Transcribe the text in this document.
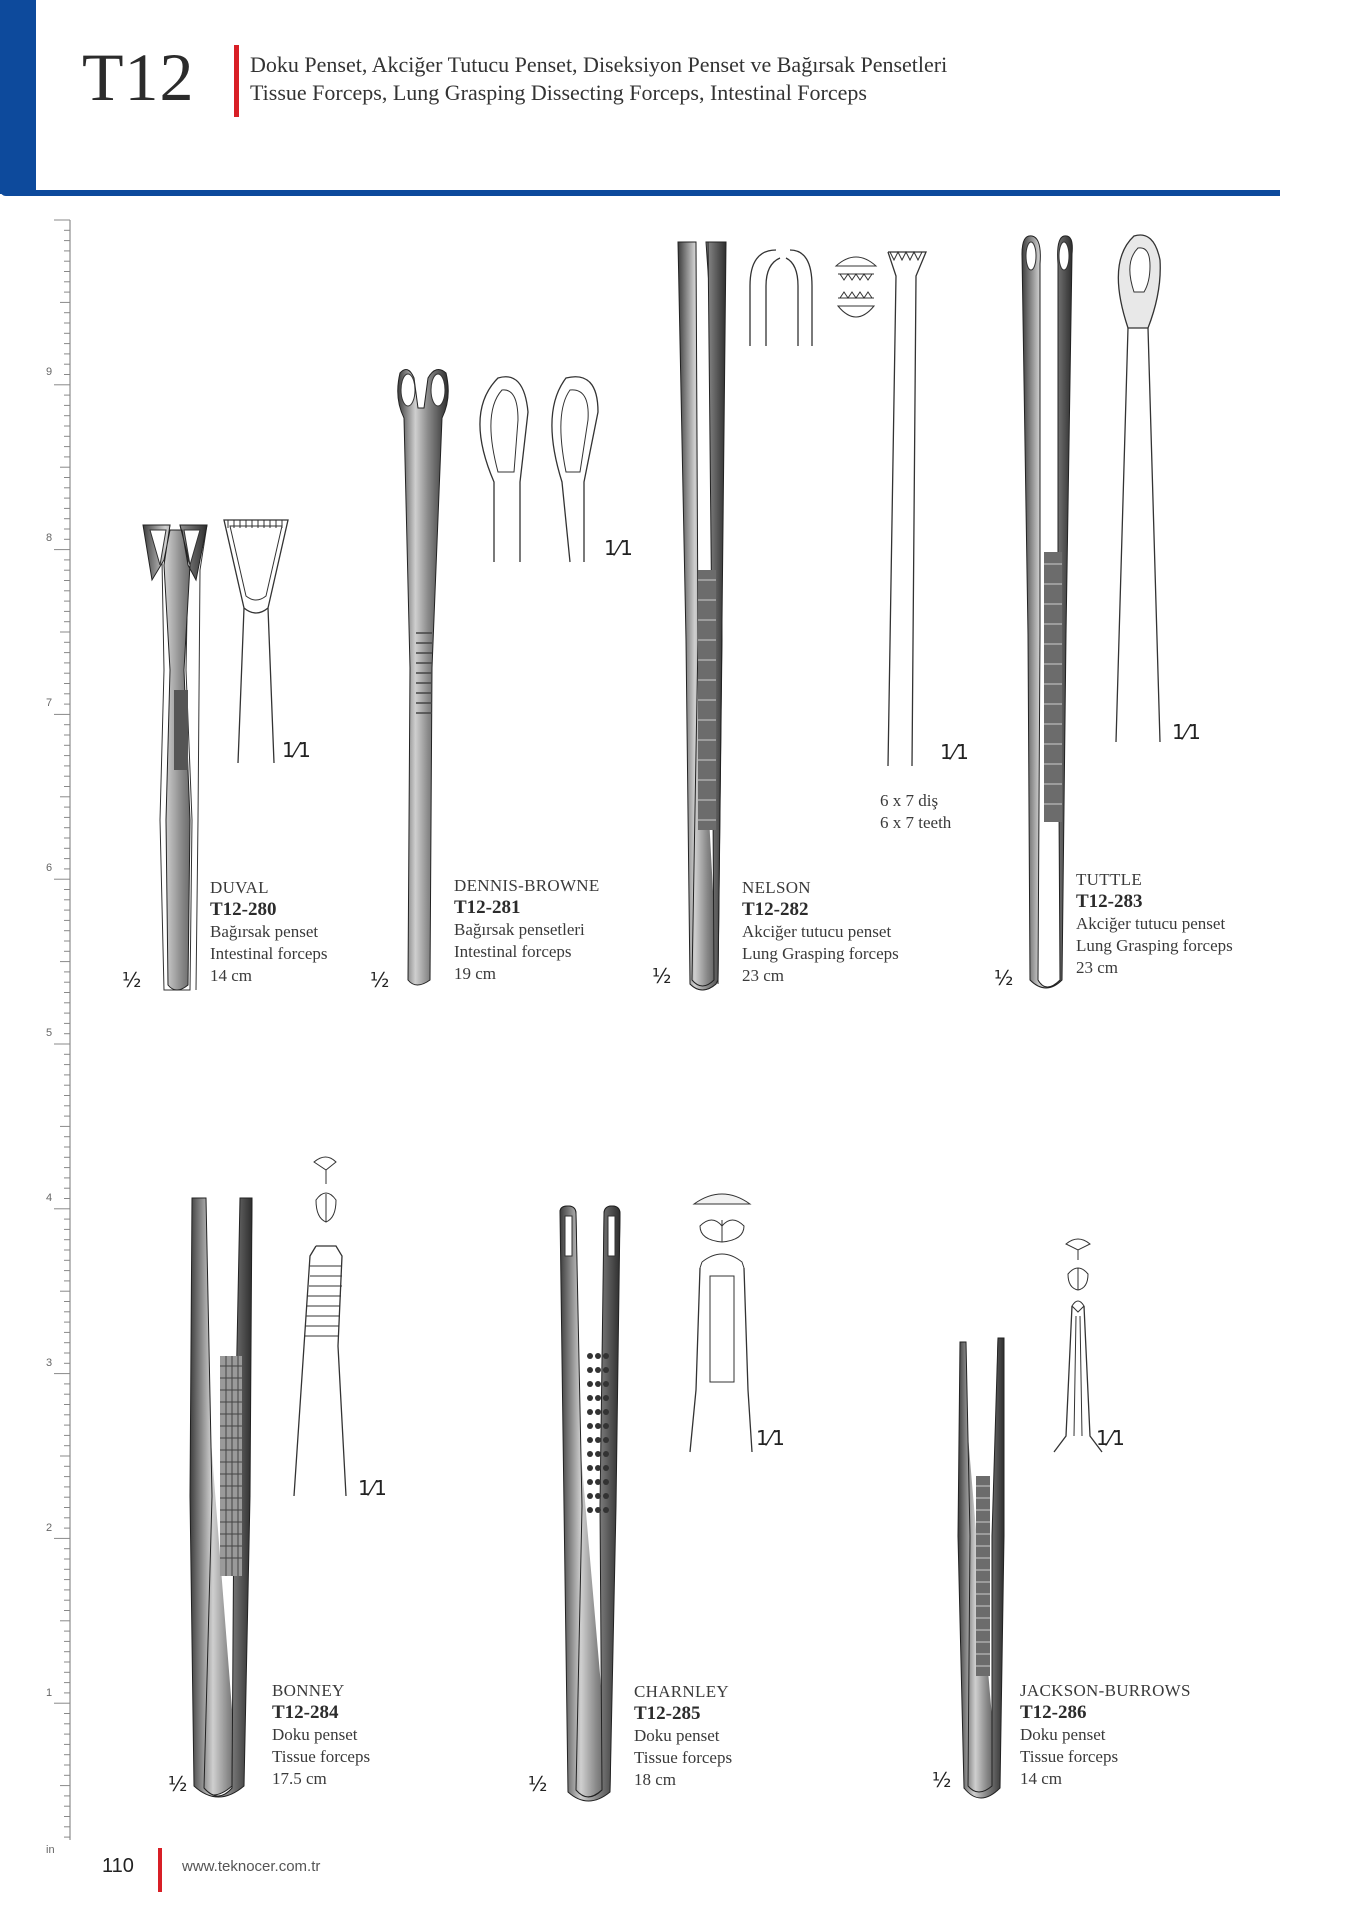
T12	Doku Penset, Akciğer Tutucu Penset, Diseksiyon Penset ve Bağırsak Pensetleri
Tissue Forceps, Lung Grasping Dissecting Forceps, Intestinal Forceps
9
8
7
6
5
4
3
2
1
in
1⁄1
½
DUVAL
T12-280
Bağırsak penset
Intestinal forceps
14 cm
1⁄1
½
DENNIS-BROWNE
T12-281
Bağırsak pensetleri
Intestinal forceps
19 cm
1⁄1
6 x 7 diş
6 x 7 teeth
½
NELSON
T12-282
Akciğer tutucu penset
Lung Grasping forceps
23 cm
1⁄1
½
TUTTLE
T12-283
Akciğer tutucu penset
Lung Grasping forceps
23 cm
1⁄1
½
BONNEY
T12-284
Doku penset
Tissue forceps
17.5 cm
1⁄1
½
CHARNLEY
T12-285
Doku penset
Tissue forceps
18 cm
1⁄1
½
JACKSON-BURROWS
T12-286
Doku penset
Tissue forceps
14 cm
110	www.teknocer.com.tr
